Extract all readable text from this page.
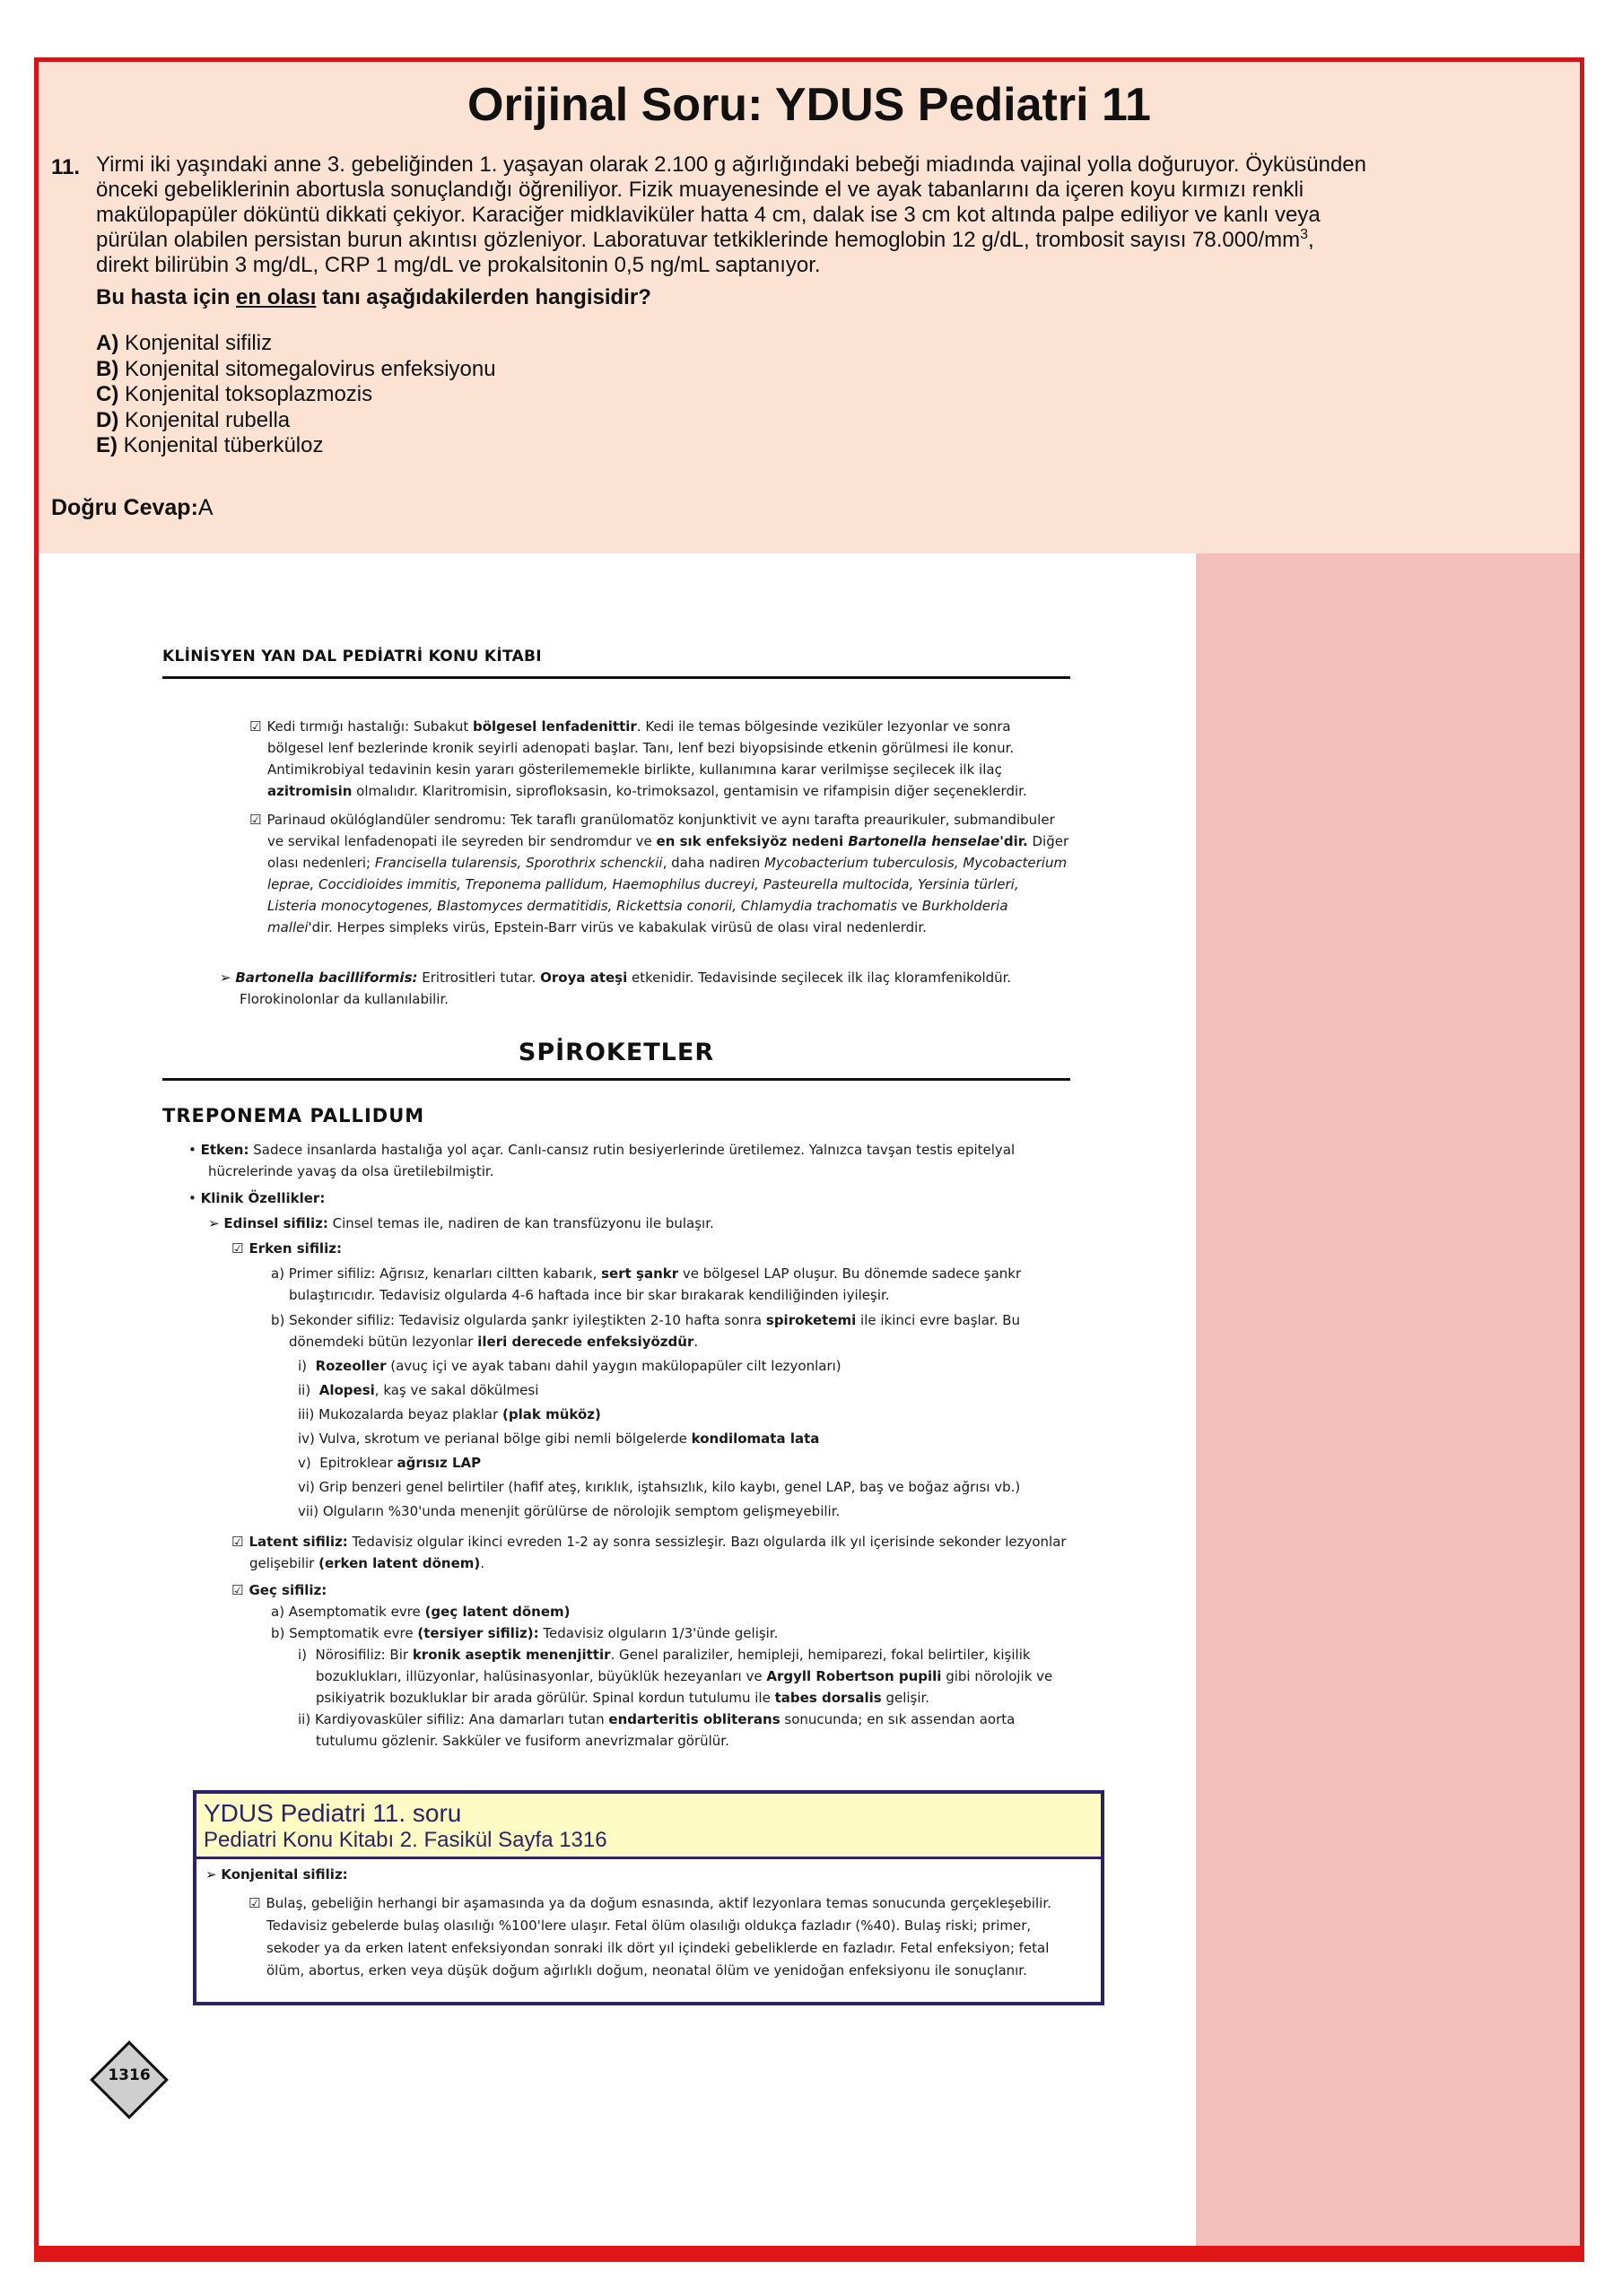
Orijinal Soru: YDUS Pediatri 11
11. Yirmi iki yaşındaki anne 3. gebeliğinden 1. yaşayan olarak 2.100 g ağırlığındaki bebeği miadında vajinal yolla doğuruyor. Öyküsünden
önceki gebeliklerinin abortusla sonuçlandığı öğreniliyor. Fizik muayenesinde el ve ayak tabanlarını da içeren koyu kırmızı renkli
makülopapüler döküntü dikkati çekiyor. Karaciğer midklaviküler hatta 4 cm, dalak ise 3 cm kot altında palpe ediliyor ve kanlı veya
pürülan olabilen persistan burun akıntısı gözleniyor. Laboratuvar tetkiklerinde hemoglobin 12 g/dL, trombosit sayısı $78.000/mm^3$,
direkt bilirübin 3 mg/dL, CRP 1 mg/dL ve prokalsitonin 0,5 ng/mL saptanıyor.
Bu hasta için en olası tanı aşağıdakilerden hangisidir?
A) Konjenital sifiliz
B) Konjenital sitomegalovirus enfeksiyonu
C) Konjenital toksoplazmozis
D) Konjenital rubella
E) Konjenital tüberküloz
Doğru Cevap:A
KLİNİSYEN YAN DAL PEDİATRİ KONU KİTABI
☑ Kedi tırmığı hastalığı: Subakut bölgesel lenfadenittir. Kedi ile temas bölgesinde veziküler lezyonlar ve sonra bölgesel lenf bezlerinde kronik seyirli adenopati başlar. Tanı, lenf bezi biyopsisinde etkenin görülmesi ile konur. Antimikrobiyal tedavinin kesin yararı gösterilememekle birlikte, kullanımına karar verilmişse seçilecek ilk ilaç azitromisin olmalıdır. Klaritromisin, siprofloksasin, ko-trimoksazol, gentamisin ve rifampisin diğer seçeneklerdir.
☑ Parinaud okülóglandüler sendromu: Tek taraflı granülomatöz konjunktivit ve aynı tarafta preaurikuler, submandibuler ve servikal lenfadenopati ile seyreden bir sendromdur ve en sık enfeksiyöz nedeni Bartonella henselae'dir. Diğer olası nedenleri; Francisella tularensis, Sporothrix schenckii, daha nadiren Mycobacterium tuberculosis, Mycobacterium leprae, Coccidioides immitis, Treponema pallidum, Haemophilus ducreyi, Pasteurella multocida, Yersinia türleri, Listeria monocytogenes, Blastomyces dermatitidis, Rickettsia conorii, Chlamydia trachomatis ve Burkholderia mallei'dir. Herpes simpleks virüs, Epstein-Barr virüs ve kabakulak virüsü de olası viral nedenlerdir.
➢ Bartonella bacilliformis: Eritrositleri tutar. Oroya ateşi etkenidir. Tedavisinde seçilecek ilk ilaç kloramfenikoldür. Florokinolonlar da kullanılabilir.
SPİROKETLER
TREPONEMA PALLIDUM
• Etken: Sadece insanlarda hastalığa yol açar. Canlı-cansız rutin besiyerlerinde üretilemez. Yalnızca tavşan testis epitelyal hücrelerinde yavaş da olsa üretilebilmiştir.
• Klinik Özellikler:
➢ Edinsel sifiliz: Cinsel temas ile, nadiren de kan transfüzyonu ile bulaşır.
☑ Erken sifiliz:
a) Primer sifiliz: Ağrısız, kenarları ciltten kabarık, sert şankr ve bölgesel LAP oluşur. Bu dönemde sadece şankr bulaştırıcıdır. Tedavisiz olgularda 4-6 haftada ince bir skar bırakarak kendiliğinden iyileşir.
b) Sekonder sifiliz: Tedavisiz olgularda şankr iyileştikten 2-10 hafta sonra spiroketemi ile ikinci evre başlar. Bu dönemdeki bütün lezyonlar ileri derecede enfeksiyözdür.
i)  Rozeoller (avuç içi ve ayak tabanı dahil yaygın makülopapüler cilt lezyonları)
ii)  Alopesi, kaş ve sakal dökülmesi
iii) Mukozalarda beyaz plaklar (plak müköz)
iv) Vulva, skrotum ve perianal bölge gibi nemli bölgelerde kondilomata lata
v)  Epitroklear ağrısız LAP
vi) Grip benzeri genel belirtiler (hafif ateş, kırıklık, iştahsızlık, kilo kaybı, genel LAP, baş ve boğaz ağrısı vb.)
vii) Olguların %30'unda menenjit görülürse de nörolojik semptom gelişmeyebilir.
☑ Latent sifiliz: Tedavisiz olgular ikinci evreden 1-2 ay sonra sessizleşir. Bazı olgularda ilk yıl içerisinde sekonder lezyonlar gelişebilir (erken latent dönem).
☑ Geç sifiliz:
a) Asemptomatik evre (geç latent dönem)
b) Semptomatik evre (tersiyer sifiliz): Tedavisiz olguların 1/3'ünde gelişir.
i)  Nörosifiliz: Bir kronik aseptik menenjittir. Genel paraliziler, hemipleji, hemiparezi, fokal belirtiler, kişilik bozuklukları, illüzyonlar, halüsinasyonlar, büyüklük hezeyanları ve Argyll Robertson pupili gibi nörolojik ve psikiyatrik bozukluklar bir arada görülür. Spinal kordun tutulumu ile tabes dorsalis gelişir.
ii) Kardiyovasküler sifiliz: Ana damarları tutan endarteritis obliterans sonucunda; en sık assendan aorta tutulumu gözlenir. Sakküler ve fusiform anevrizmalar görülür.
YDUS Pediatri 11. soru
Pediatri Konu Kitabı 2. Fasikül Sayfa 1316
➢ Konjenital sifiliz:
☑ Bulaş, gebeliğin herhangi bir aşamasında ya da doğum esnasında, aktif lezyonlara temas sonucunda gerçekleşebilir. Tedavisiz gebelerde bulaş olasılığı %100'lere ulaşır. Fetal ölüm olasılığı oldukça fazladır (%40). Bulaş riski; primer, sekoder ya da erken latent enfeksiyondan sonraki ilk dört yıl içindeki gebeliklerde en fazladır. Fetal enfeksiyon; fetal ölüm, abortus, erken veya düşük doğum ağırlıklı doğum, neonatal ölüm ve yenidoğan enfeksiyonu ile sonuçlanır.
1316
